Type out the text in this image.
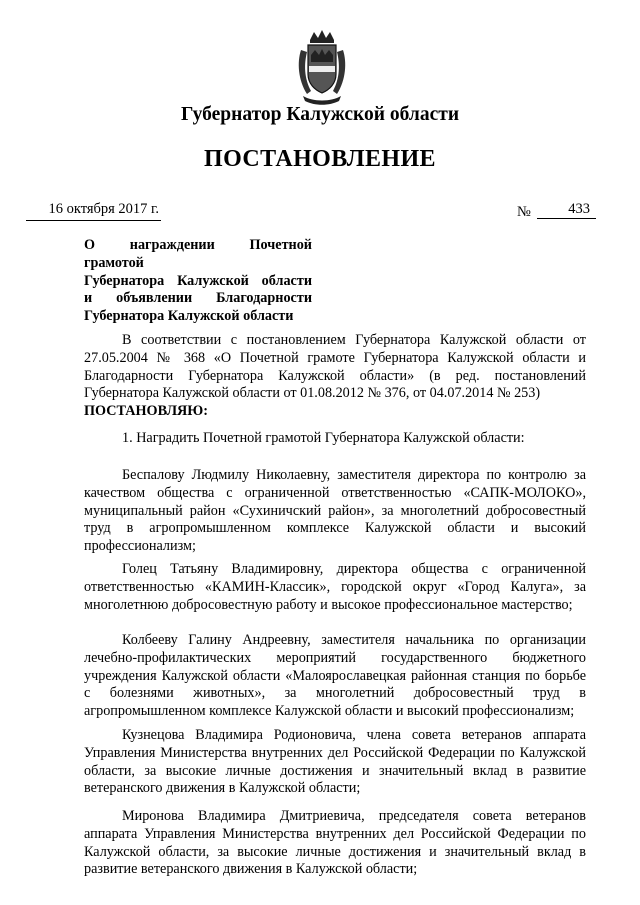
Губернатор Калужской области
ПОСТАНОВЛЕНИЕ
16 октября 2017 г.	№	433
О награждении Почетной грамотой
Губернатора Калужской области
и объявлении Благодарности
Губернатора Калужской области
В соответствии с постановлением Губернатора Калужской области от 27.05.2004 № 368 «О Почетной грамоте Губернатора Калужской области и Благодарности Губернатора Калужской области» (в ред. постановлений Губернатора Калужской области от 01.08.2012 № 376, от 04.07.2014 № 253)
ПОСТАНОВЛЯЮ:
1. Наградить Почетной грамотой Губернатора Калужской области:
Беспалову Людмилу Николаевну, заместителя директора по контролю за качеством общества с ограниченной ответственностью «САПК-МОЛОКО», муниципальный район «Сухиничский район», за многолетний добросовестный труд в агропромышленном комплексе Калужской области и высокий профессионализм;
Голец Татьяну Владимировну, директора общества с ограниченной ответственностью «КАМИН-Классик», городской округ «Город Калуга», за многолетнюю добросовестную работу и высокое профессиональное мастерство;
Колбееву Галину Андреевну, заместителя начальника по организации лечебно-профилактических мероприятий государственного бюджетного учреждения Калужской области «Малоярославецкая районная станция по борьбе с болезнями животных», за многолетний добросовестный труд в агропромышленном комплексе Калужской области и высокий профессионализм;
Кузнецова Владимира Родионовича, члена совета ветеранов аппарата Управления Министерства внутренних дел Российской Федерации по Калужской области, за высокие личные достижения и значительный вклад в развитие ветеранского движения в Калужской области;
Миронова Владимира Дмитриевича, председателя совета ветеранов аппарата Управления Министерства внутренних дел Российской Федерации по Калужской области, за высокие личные достижения и значительный вклад в развитие ветеранского движения в Калужской области;
